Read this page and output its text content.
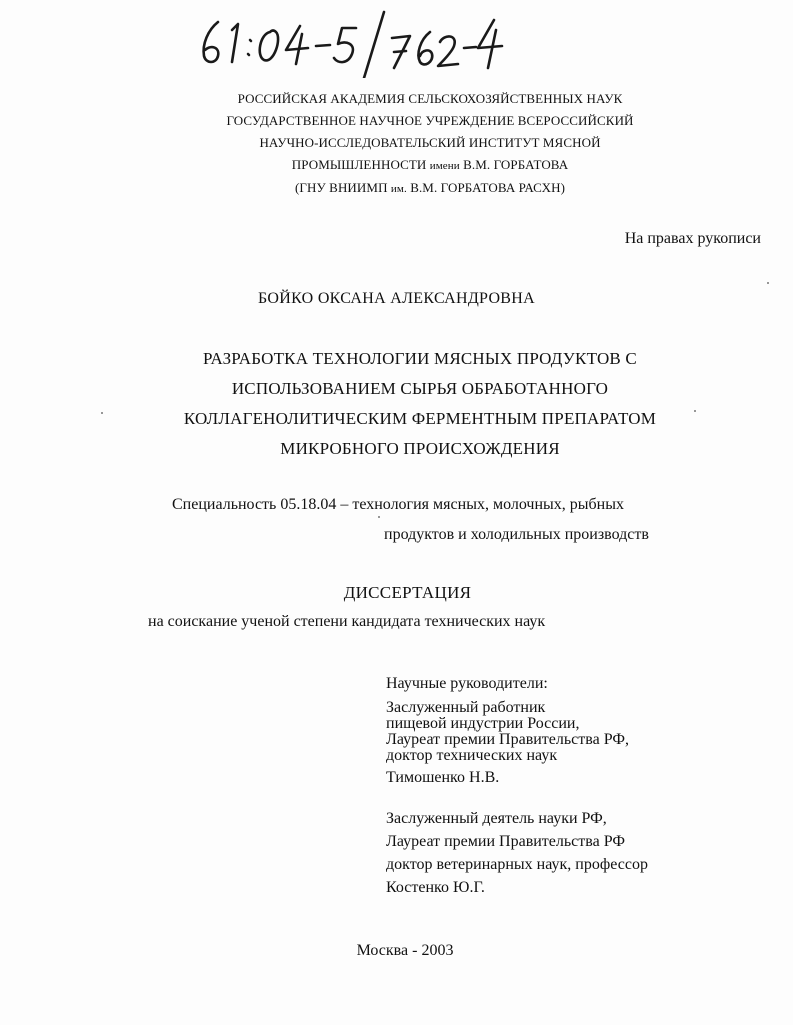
РОССИЙСКАЯ АКАДЕМИЯ СЕЛЬСКОХОЗЯЙСТВЕННЫХ НАУК
ГОСУДАРСТВЕННОЕ НАУЧНОЕ УЧРЕЖДЕНИЕ ВСЕРОССИЙСКИЙ
НАУЧНО-ИССЛЕДОВАТЕЛЬСКИЙ ИНСТИТУТ МЯСНОЙ
ПРОМЫШЛЕННОСТИ имени В.М. ГОРБАТОВА
(ГНУ ВНИИМП им. В.М. ГОРБАТОВА РАСХН)
На правах рукописи
БОЙКО ОКСАНА АЛЕКСАНДРОВНА
РАЗРАБОТКА ТЕХНОЛОГИИ МЯСНЫХ ПРОДУКТОВ С
ИСПОЛЬЗОВАНИЕМ СЫРЬЯ ОБРАБОТАННОГО
КОЛЛАГЕНОЛИТИЧЕСКИМ ФЕРМЕНТНЫМ ПРЕПАРАТОМ
МИКРОБНОГО ПРОИСХОЖДЕНИЯ
Специальность 05.18.04 – технология мясных, молочных, рыбных
продуктов и холодильных производств
ДИССЕРТАЦИЯ
на соискание ученой степени кандидата технических наук
Научные руководители:
Заслуженный работник
пищевой индустрии России,
Лауреат премии Правительства РФ,
доктор технических наук
Тимошенко Н.В.
Заслуженный деятель науки РФ,
Лауреат премии Правительства РФ
доктор ветеринарных наук, профессор
Костенко Ю.Г.
Москва - 2003
